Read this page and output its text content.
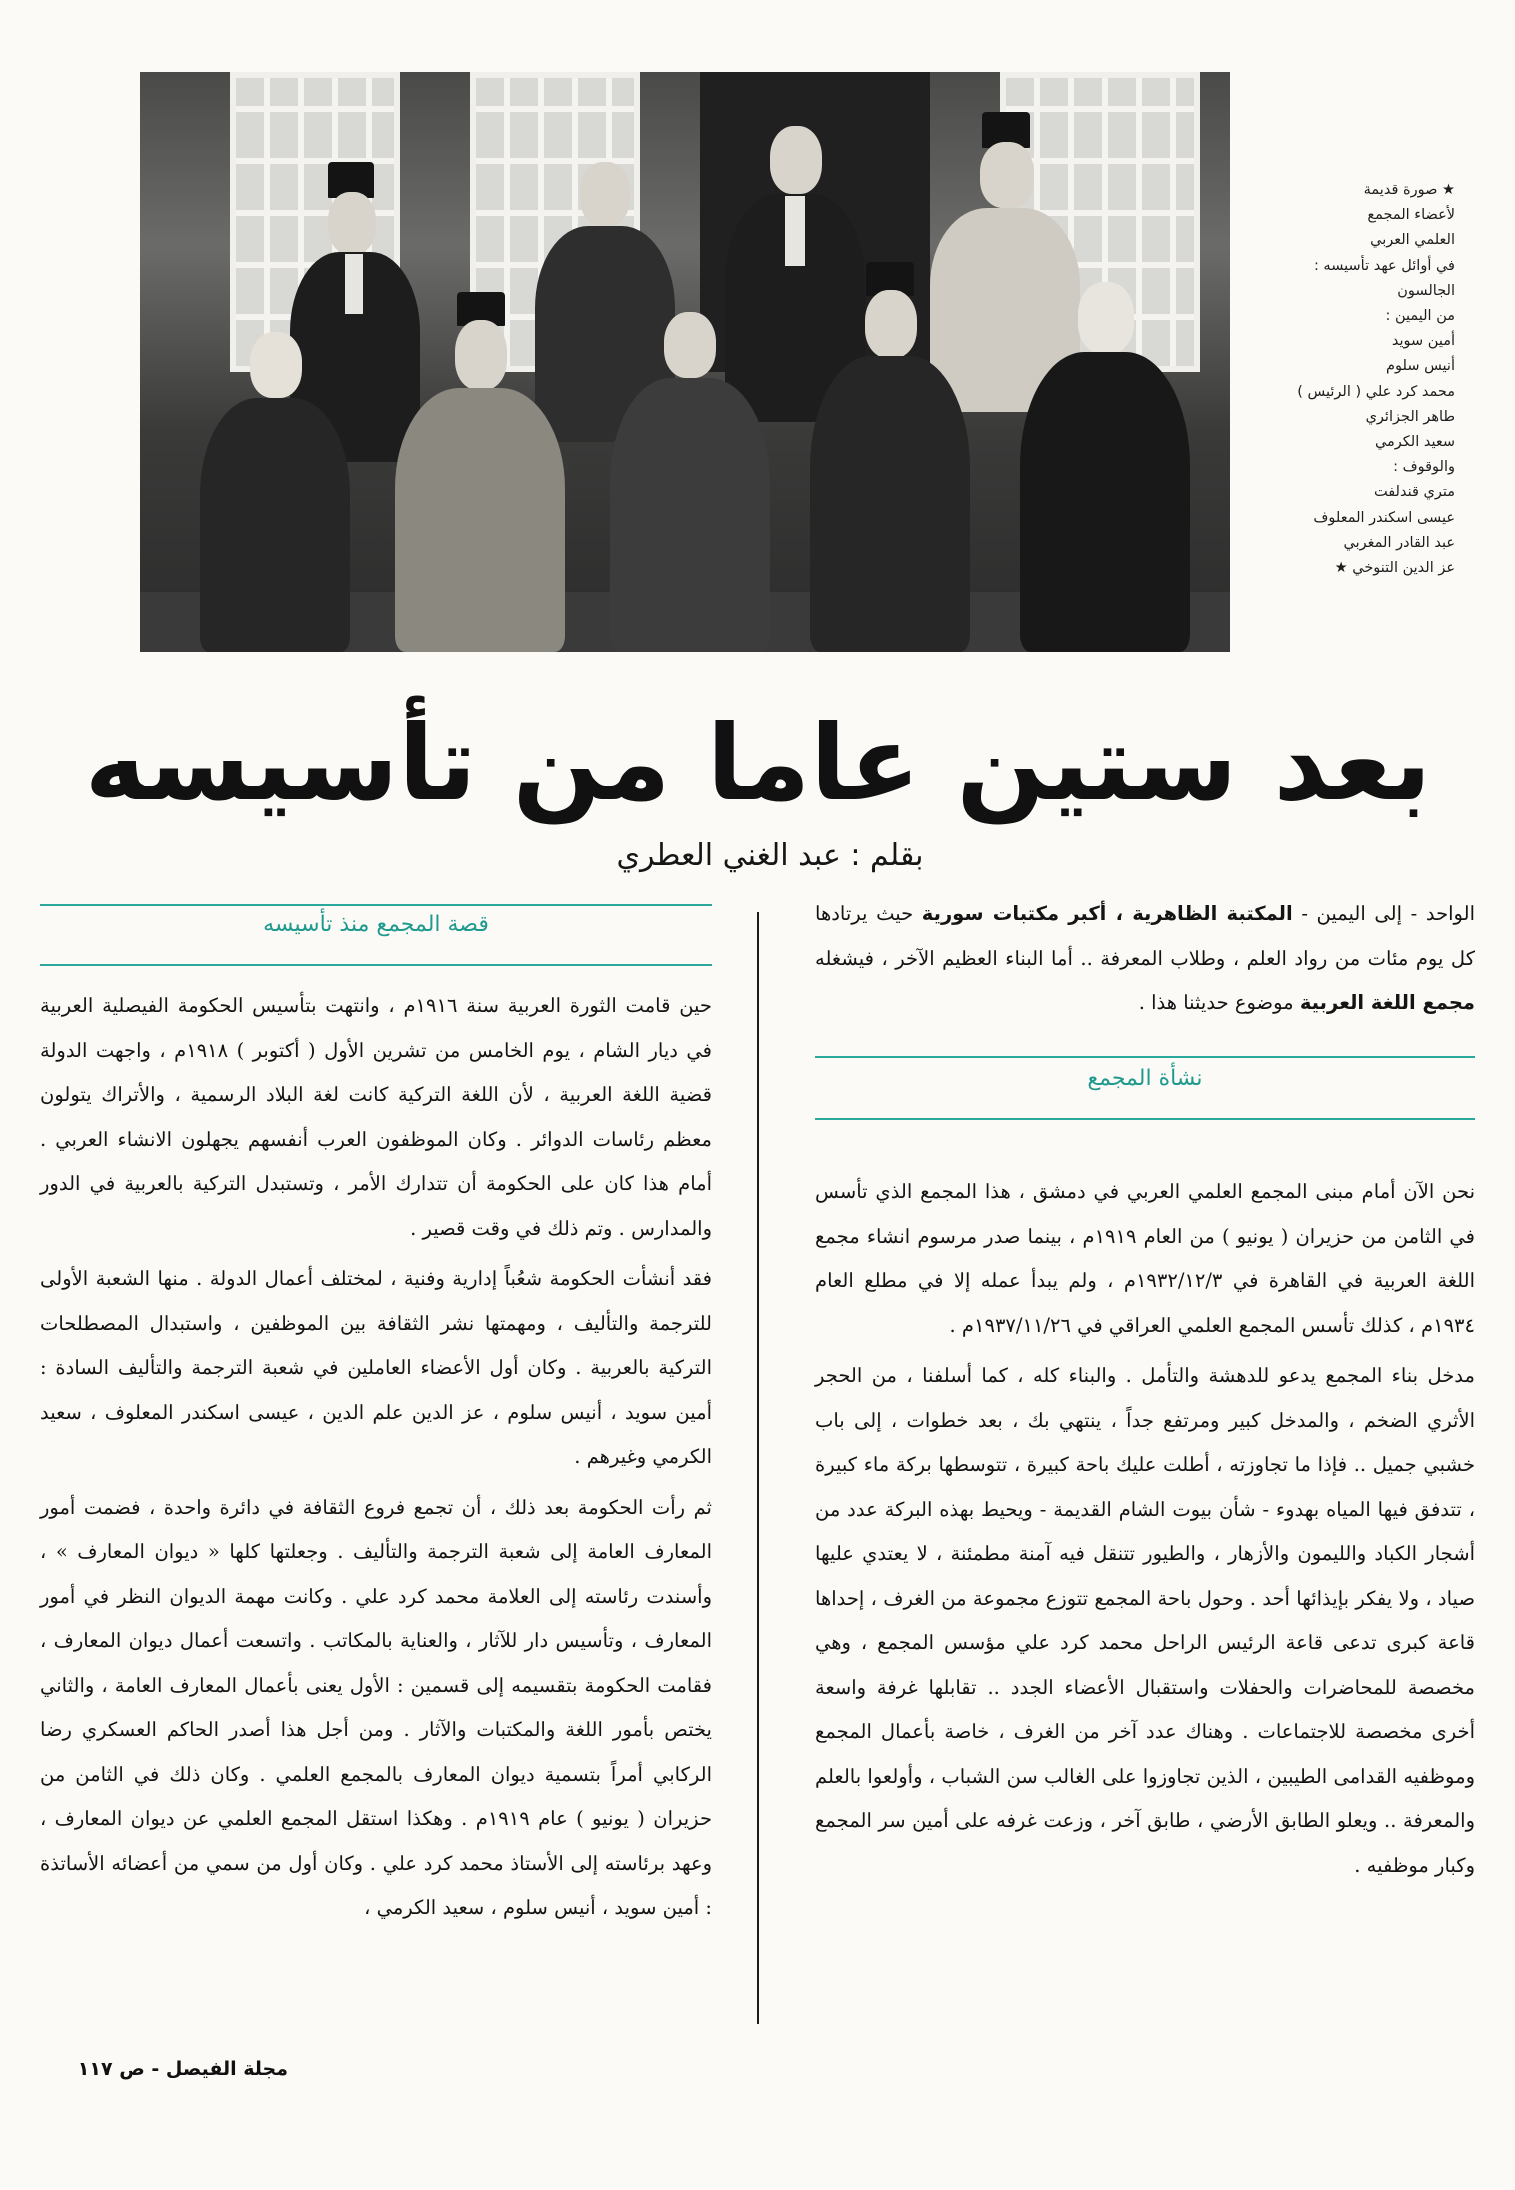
★ صورة قديمة
لأعضاء المجمع
العلمي العربي
في أوائل عهد تأسيسه :
الجالسون
من اليمين :
أمين سويد
أنيس سلوم
محمد كرد علي ( الرئيس )
طاهر الجزائري
سعيد الكرمي
والوقوف :
متري قندلفت
عيسى اسكندر المعلوف
عبد القادر المغربي
عز الدين التنوخي ★
بعد ستين عاما من تأسيسه
بقلم : عبد الغني العطري
الواحد - إلى اليمين - المكتبة الظاهرية ، أكبر مكتبات سورية حيث يرتادها كل يوم مئات من رواد العلم ، وطلاب المعرفة .. أما البناء العظيم الآخر ، فيشغله مجمع اللغة العربية موضوع حديثنا هذا .
نشأة المجمع

نحن الآن أمام مبنى المجمع العلمي العربي في دمشق ، هذا المجمع الذي تأسس في الثامن من حزيران ( يونيو ) من العام ١٩١٩م ، بينما صدر مرسوم انشاء مجمع اللغة العربية في القاهرة في ١٩٣٢/١٢/٣م ، ولم يبدأ عمله إلا في مطلع العام ١٩٣٤م ، كذلك تأسس المجمع العلمي العراقي في ١٩٣٧/١١/٢٦م .

مدخل بناء المجمع يدعو للدهشة والتأمل . والبناء كله ، كما أسلفنا ، من الحجر الأثري الضخم ، والمدخل كبير ومرتفع جداً ، ينتهي بك ، بعد خطوات ، إلى باب خشبي جميل .. فإذا ما تجاوزته ، أطلت عليك باحة كبيرة ، تتوسطها بركة ماء كبيرة ، تتدفق فيها المياه بهدوء - شأن بيوت الشام القديمة - ويحيط بهذه البركة عدد من أشجار الكباد والليمون والأزهار ، والطيور تتنقل فيه آمنة مطمئنة ، لا يعتدي عليها صياد ، ولا يفكر بإيذائها أحد . وحول باحة المجمع تتوزع مجموعة من الغرف ، إحداها قاعة كبرى تدعى قاعة الرئيس الراحل محمد كرد علي مؤسس المجمع ، وهي مخصصة للمحاضرات والحفلات واستقبال الأعضاء الجدد .. تقابلها غرفة واسعة أخرى مخصصة للاجتماعات . وهناك عدد آخر من الغرف ، خاصة بأعمال المجمع وموظفيه القدامى الطيبين ، الذين تجاوزوا على الغالب سن الشباب ، وأولعوا بالعلم والمعرفة .. ويعلو الطابق الأرضي ، طابق آخر ، وزعت غرفه على أمين سر المجمع وكبار موظفيه .

قصة المجمع منذ تأسيسه

حين قامت الثورة العربية سنة ١٩١٦م ، وانتهت بتأسيس الحكومة الفيصلية العربية في ديار الشام ، يوم الخامس من تشرين الأول ( أكتوبر ) ١٩١٨م ، واجهت الدولة قضية اللغة العربية ، لأن اللغة التركية كانت لغة البلاد الرسمية ، والأتراك يتولون معظم رئاسات الدوائر . وكان الموظفون العرب أنفسهم يجهلون الانشاء العربي . أمام هذا كان على الحكومة أن تتدارك الأمر ، وتستبدل التركية بالعربية في الدور والمدارس . وتم ذلك في وقت قصير .

فقد أنشأت الحكومة شعُباً إدارية وفنية ، لمختلف أعمال الدولة . منها الشعبة الأولى للترجمة والتأليف ، ومهمتها نشر الثقافة بين الموظفين ، واستبدال المصطلحات التركية بالعربية . وكان أول الأعضاء العاملين في شعبة الترجمة والتأليف السادة : أمين سويد ، أنيس سلوم ، عز الدين علم الدين ، عيسى اسكندر المعلوف ، سعيد الكرمي وغيرهم .

ثم رأت الحكومة بعد ذلك ، أن تجمع فروع الثقافة في دائرة واحدة ، فضمت أمور المعارف العامة إلى شعبة الترجمة والتأليف . وجعلتها كلها « ديوان المعارف » ، وأسندت رئاسته إلى العلامة محمد كرد علي . وكانت مهمة الديوان النظر في أمور المعارف ، وتأسيس دار للآثار ، والعناية بالمكاتب . واتسعت أعمال ديوان المعارف ، فقامت الحكومة بتقسيمه إلى قسمين : الأول يعنى بأعمال المعارف العامة ، والثاني يختص بأمور اللغة والمكتبات والآثار . ومن أجل هذا أصدر الحاكم العسكري رضا الركابي أمراً بتسمية ديوان المعارف بالمجمع العلمي . وكان ذلك في الثامن من حزيران ( يونيو ) عام ١٩١٩م . وهكذا استقل المجمع العلمي عن ديوان المعارف ، وعهد برئاسته إلى الأستاذ محمد كرد علي . وكان أول من سمي من أعضائه الأساتذة : أمين سويد ، أنيس سلوم ، سعيد الكرمي ،

مجلة الفيصل - ص ١١٧
